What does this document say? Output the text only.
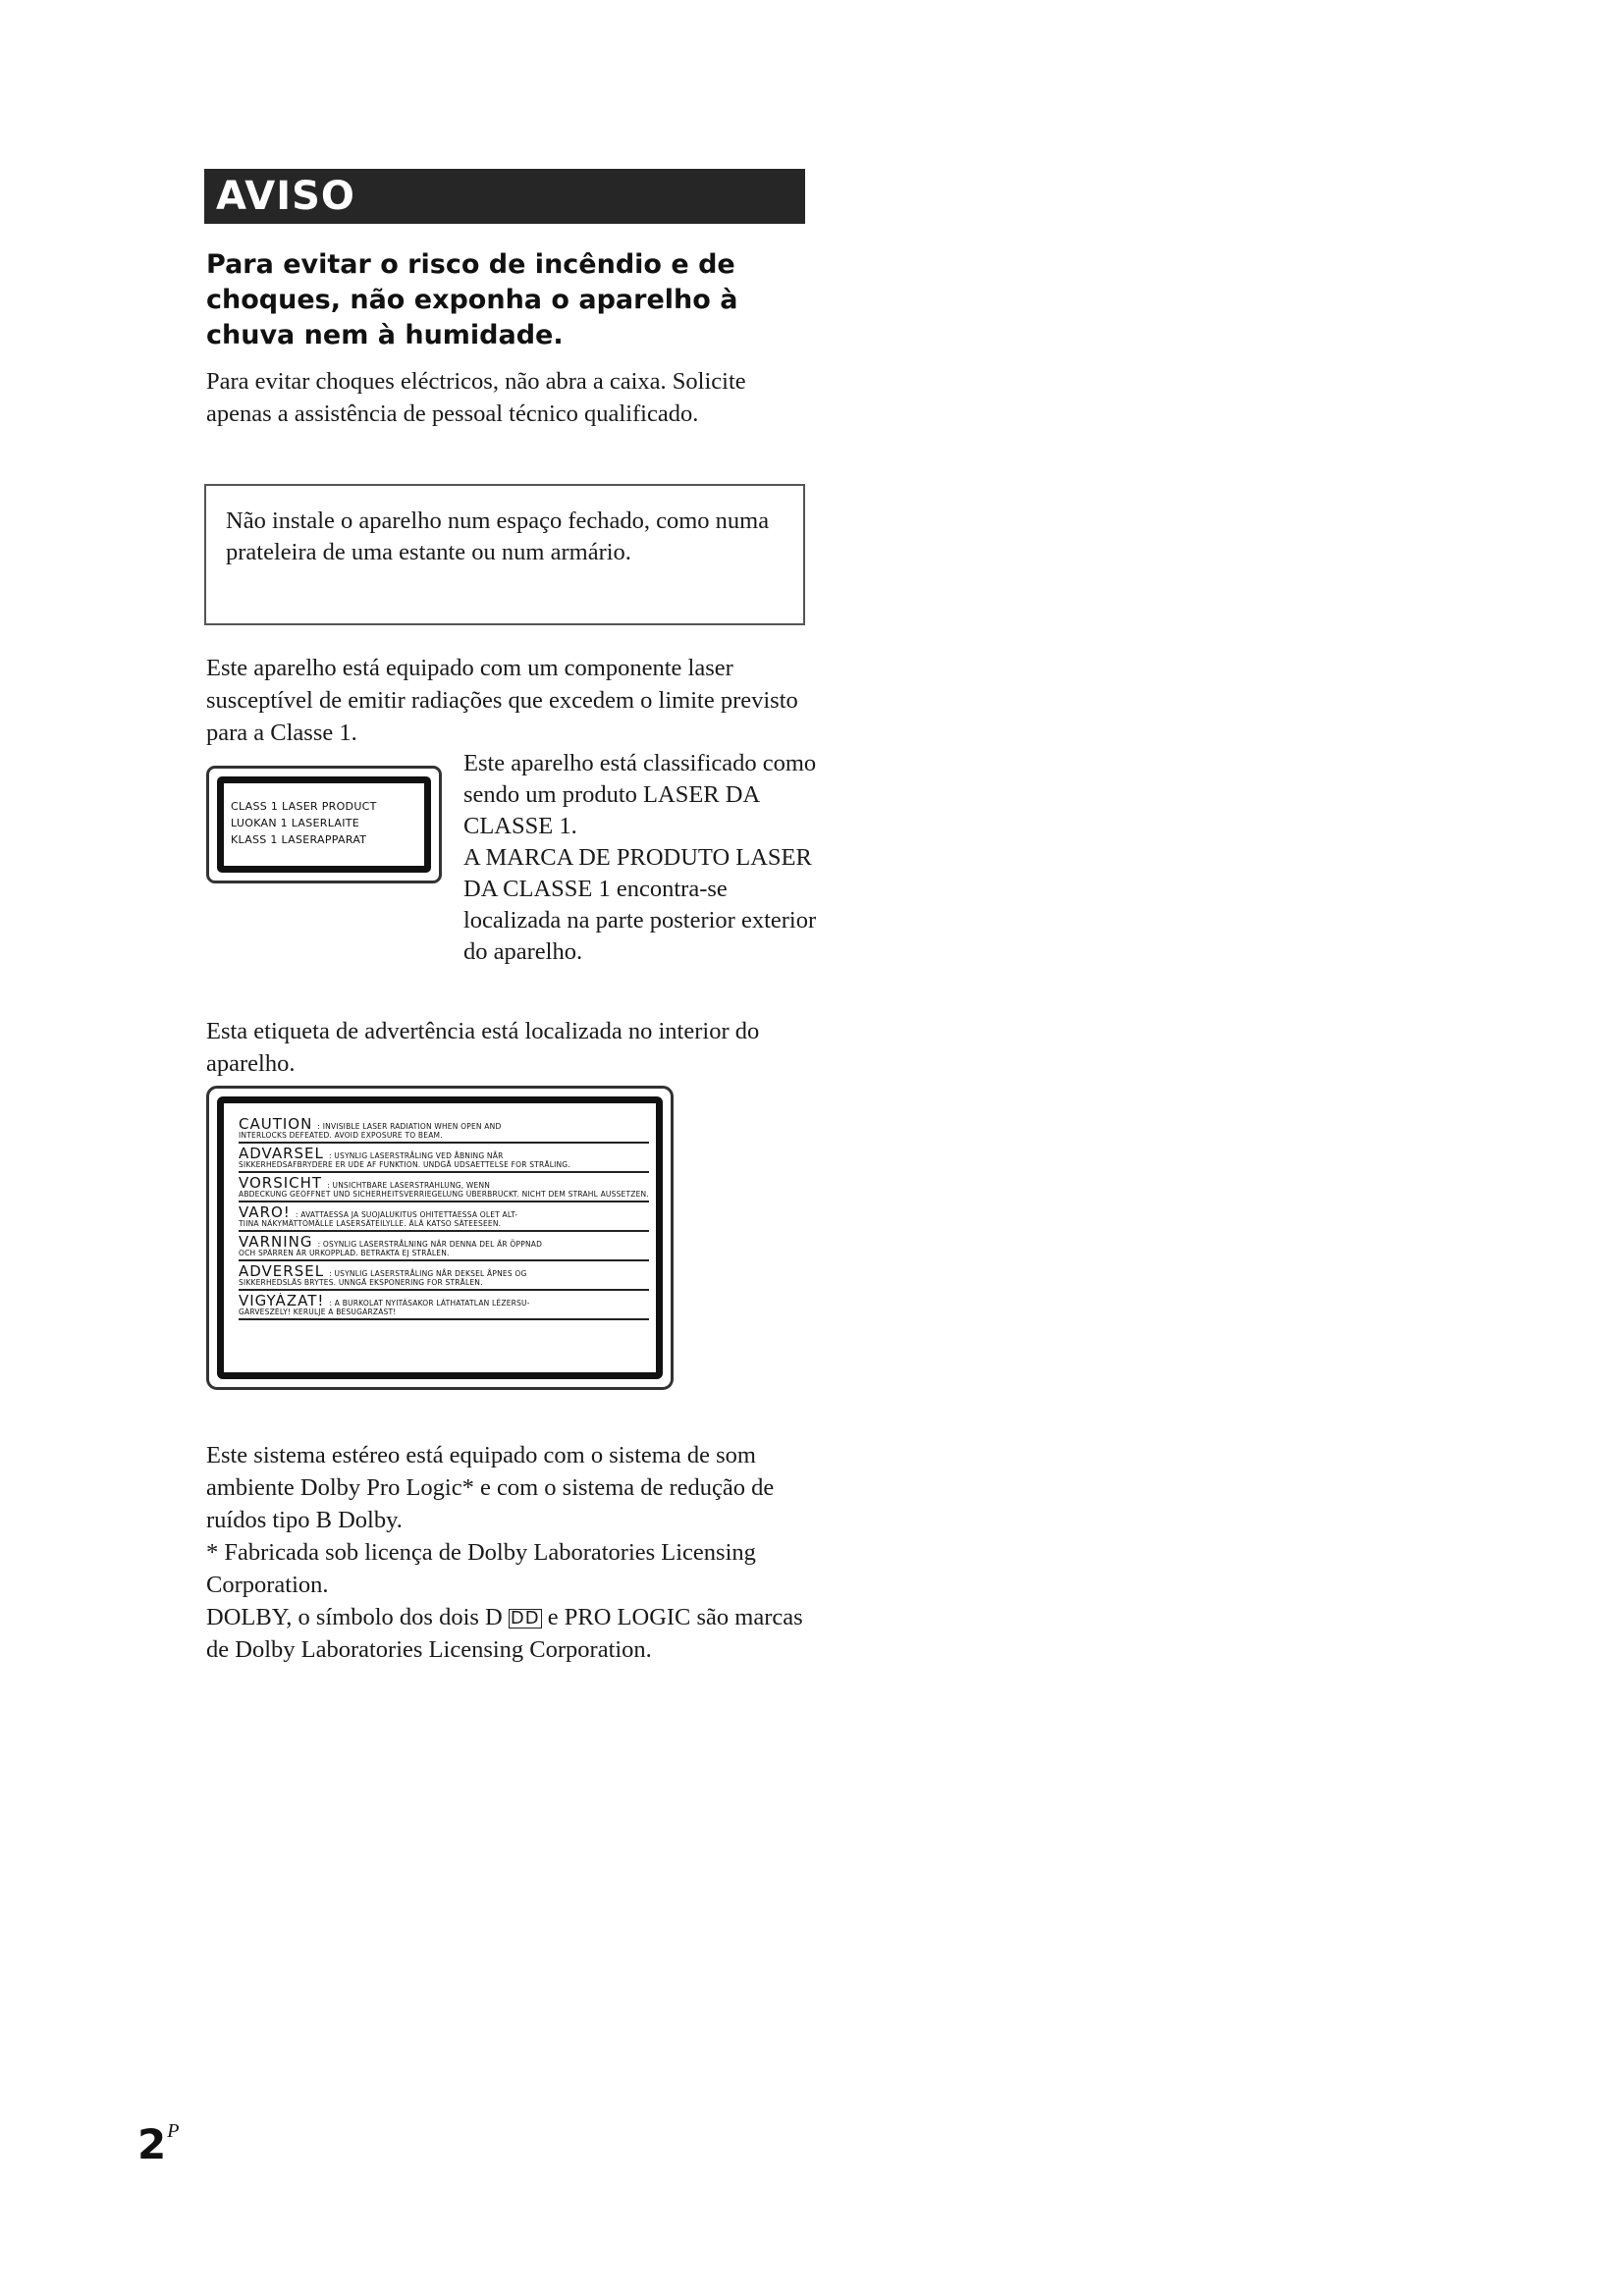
AVISO
Para evitar o risco de incêndio e de choques, não exponha o aparelho à chuva nem à humidade.

Para evitar choques eléctricos, não abra a caixa. Solicite apenas a assistência de pessoal técnico qualificado.

Não instale o aparelho num espaço fechado, como numa prateleira de uma estante ou num armário.

Este aparelho está equipado com um componente laser susceptível de emitir radiações que excedem o limite previsto para a Classe 1.

CLASS 1 LASER PRODUCT
LUOKAN 1 LASERLAITE
KLASS 1 LASERAPPARAT

Este aparelho está classificado como sendo um produto LASER DA CLASSE 1.

A MARCA DE PRODUTO LASER DA CLASSE 1 encontra-se localizada na parte posterior exterior do aparelho.

Esta etiqueta de advertência está localizada no interior do aparelho.

CAUTION : INVISIBLE LASER RADIATION WHEN OPEN AND
INTERLOCKS DEFEATED. AVOID EXPOSURE TO BEAM.
ADVARSEL : USYNLIG LASERSTRÅLING VED ÅBNING NÅR
SIKKERHEDSAFBRYDERE ER UDE AF FUNKTION. UNDGÅ UDSAETTELSE FOR STRÅLING.
VORSICHT : UNSICHTBARE LASERSTRAHLUNG, WENN
ABDECKUNG GEÖFFNET UND SICHERHEITSVERRIEGELUNG ÜBERBRÜCKT. NICHT DEM STRAHL AUSSETZEN.
VARO! : AVATTAESSA JA SUOJALUKITUS OHITETTAESSA OLET ALT-
TIINA NÄKYMÄTTÖMÄLLE LASERSÄTEILYLLE. ÄLÄ KATSO SÄTEESEEN.
VARNING : OSYNLIG LASERSTRÅLNING NÄR DENNA DEL ÄR ÖPPNAD
OCH SPÄRREN ÄR URKOPPLAD. BETRAKTA EJ STRÅLEN.
ADVERSEL : USYNLIG LASERSTRÅLING NÅR DEKSEL ÅPNES OG
SIKKERHEDSLÅS BRYTES. UNNGÅ EKSPONERING FOR STRÅLEN.
VIGYÁZAT! : A BURKOLAT NYITÁSAKOR LÁTHATATLAN LÉZERSU-
GÁRVESZÉLY! KERÜLJE A BESUGÁRZÁST!

Este sistema estéreo está equipado com o sistema de som ambiente Dolby Pro Logic* e com o sistema de redução de ruídos tipo B Dolby.

* Fabricada sob licença de Dolby Laboratories Licensing Corporation.

DOLBY, o símbolo dos dois D DD e PRO LOGIC são marcas de Dolby Laboratories Licensing Corporation.

$2^P$
